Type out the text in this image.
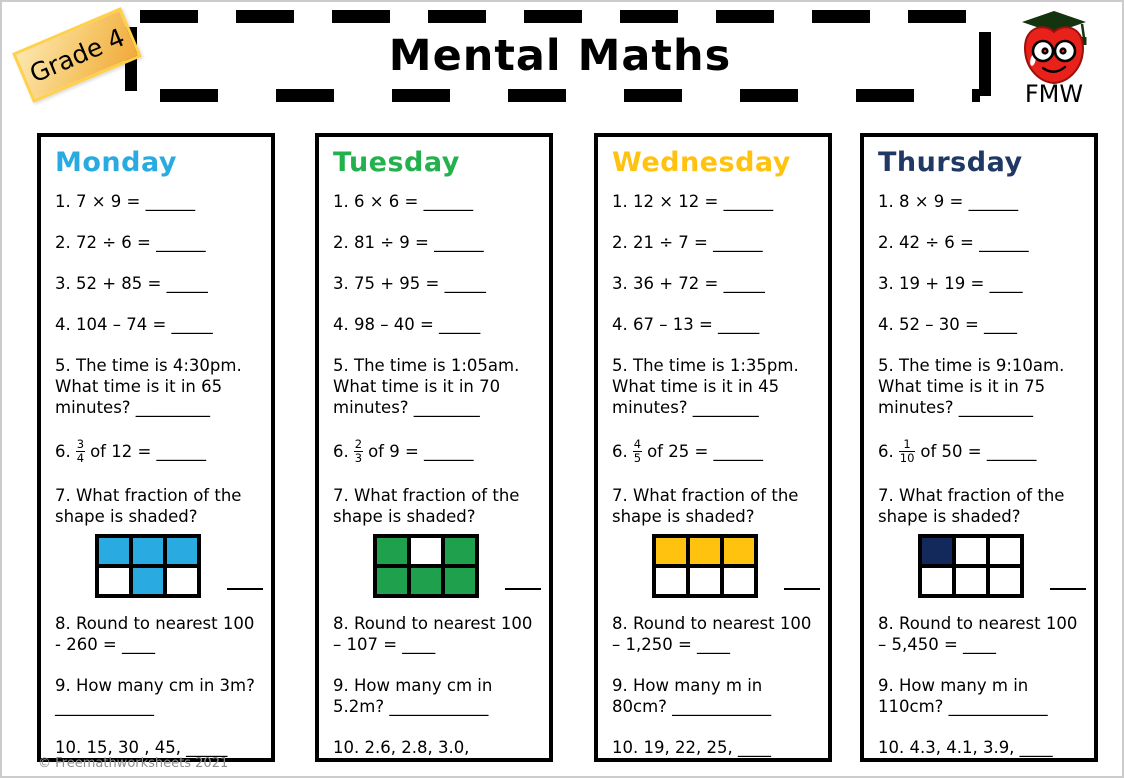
Mental Maths
Grade 4
FMW
Monday
1. 7 × 9 = ______
2. 72 ÷ 6 = ______
3. 52 + 85 = _____
4. 104 – 74 = _____
5. The time is 4:30pm. What time is it in 65 minutes? _________
6. $\frac{3}{4}$ of 12 = ______
7. What fraction of the shape is shaded?
8. Round to nearest 100 - 260 = ____
9. How many cm in 3m? ____________
10. 15, 30 , 45, _____
Tuesday
1. 6 × 6 = ______
2. 81 ÷ 9 = ______
3. 75 + 95 = _____
4. 98 – 40 = _____
5. The time is 1:05am. What time is it in 70 minutes? ________
6. $\frac{2}{3}$ of 9 = ______
7. What fraction of the shape is shaded?
8. Round to nearest 100 – 107 = ____
9. How many cm in 5.2m? ____________
10. 2.6, 2.8, 3.0,
Wednesday
1. 12 × 12 = ______
2. 21 ÷ 7 = ______
3. 36 + 72 = _____
4. 67 – 13 = _____
5. The time is 1:35pm. What time is it in 45 minutes? ________
6. $\frac{4}{5}$ of 25 = ______
7. What fraction of the shape is shaded?
8. Round to nearest 100 – 1,250 = ____
9. How many m in 80cm? ____________
10. 19, 22, 25, ____
Thursday
1. 8 × 9 = ______
2. 42 ÷ 6 = ______
3. 19 + 19 = ____
4. 52 – 30 = ____
5. The time is 9:10am. What time is it in 75 minutes? _________
6. $\frac{1}{10}$ of 50 = ______
7. What fraction of the shape is shaded?
8. Round to nearest 100 – 5,450 = ____
9. How many m in 110cm? ____________
10. 4.3, 4.1, 3.9, ____
© Freemathworksheets 2021
